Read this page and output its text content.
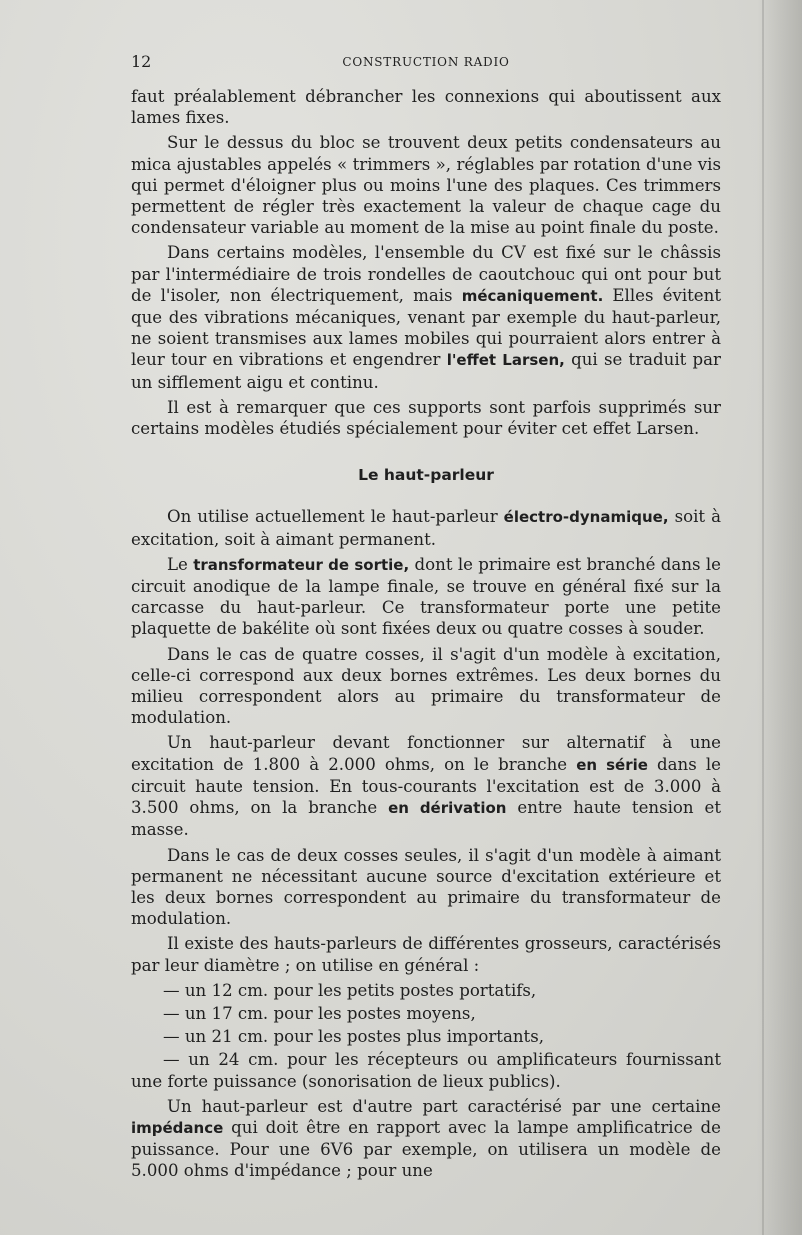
12	CONSTRUCTION RADIO

faut préalablement débrancher les connexions qui aboutissent aux lames fixes.

Sur le dessus du bloc se trouvent deux petits condensateurs au mica ajustables appelés « trimmers », réglables par rotation d'une vis qui permet d'éloigner plus ou moins l'une des plaques. Ces trimmers permettent de régler très exactement la valeur de chaque cage du condensateur variable au moment de la mise au point finale du poste.

Dans certains modèles, l'ensemble du CV est fixé sur le châssis par l'intermédiaire de trois rondelles de caoutchouc qui ont pour but de l'isoler, non électriquement, mais mécaniquement. Elles évitent que des vibrations mécaniques, venant par exemple du haut-parleur, ne soient transmises aux lames mobiles qui pourraient alors entrer à leur tour en vibrations et engendrer l'effet Larsen, qui se traduit par un sifflement aigu et continu.

Il est à remarquer que ces supports sont parfois supprimés sur certains modèles étudiés spécialement pour éviter cet effet Larsen.

Le haut-parleur

On utilise actuellement le haut-parleur électro-dynamique, soit à excitation, soit à aimant permanent.

Le transformateur de sortie, dont le primaire est branché dans le circuit anodique de la lampe finale, se trouve en général fixé sur la carcasse du haut-parleur. Ce transformateur porte une petite plaquette de bakélite où sont fixées deux ou quatre cosses à souder.

Dans le cas de quatre cosses, il s'agit d'un modèle à excitation, celle-ci correspond aux deux bornes extrêmes. Les deux bornes du milieu correspondent alors au primaire du transformateur de modulation.

Un haut-parleur devant fonctionner sur alternatif à une excitation de 1.800 à 2.000 ohms, on le branche en série dans le circuit haute tension. En tous-courants l'excitation est de 3.000 à 3.500 ohms, on la branche en dérivation entre haute tension et masse.

Dans le cas de deux cosses seules, il s'agit d'un modèle à aimant permanent ne nécessitant aucune source d'excitation extérieure et les deux bornes correspondent au primaire du transformateur de modulation.

Il existe des hauts-parleurs de différentes grosseurs, caractérisés par leur diamètre ; on utilise en général :

— un 12 cm. pour les petits postes portatifs,
— un 17 cm. pour les postes moyens,
— un 21 cm. pour les postes plus importants,
— un 24 cm. pour les récepteurs ou amplificateurs fournissant une forte puissance (sonorisation de lieux publics).

Un haut-parleur est d'autre part caractérisé par une certaine impédance qui doit être en rapport avec la lampe amplificatrice de puissance. Pour une 6V6 par exemple, on utilisera un modèle de 5.000 ohms d'impédance ; pour une
